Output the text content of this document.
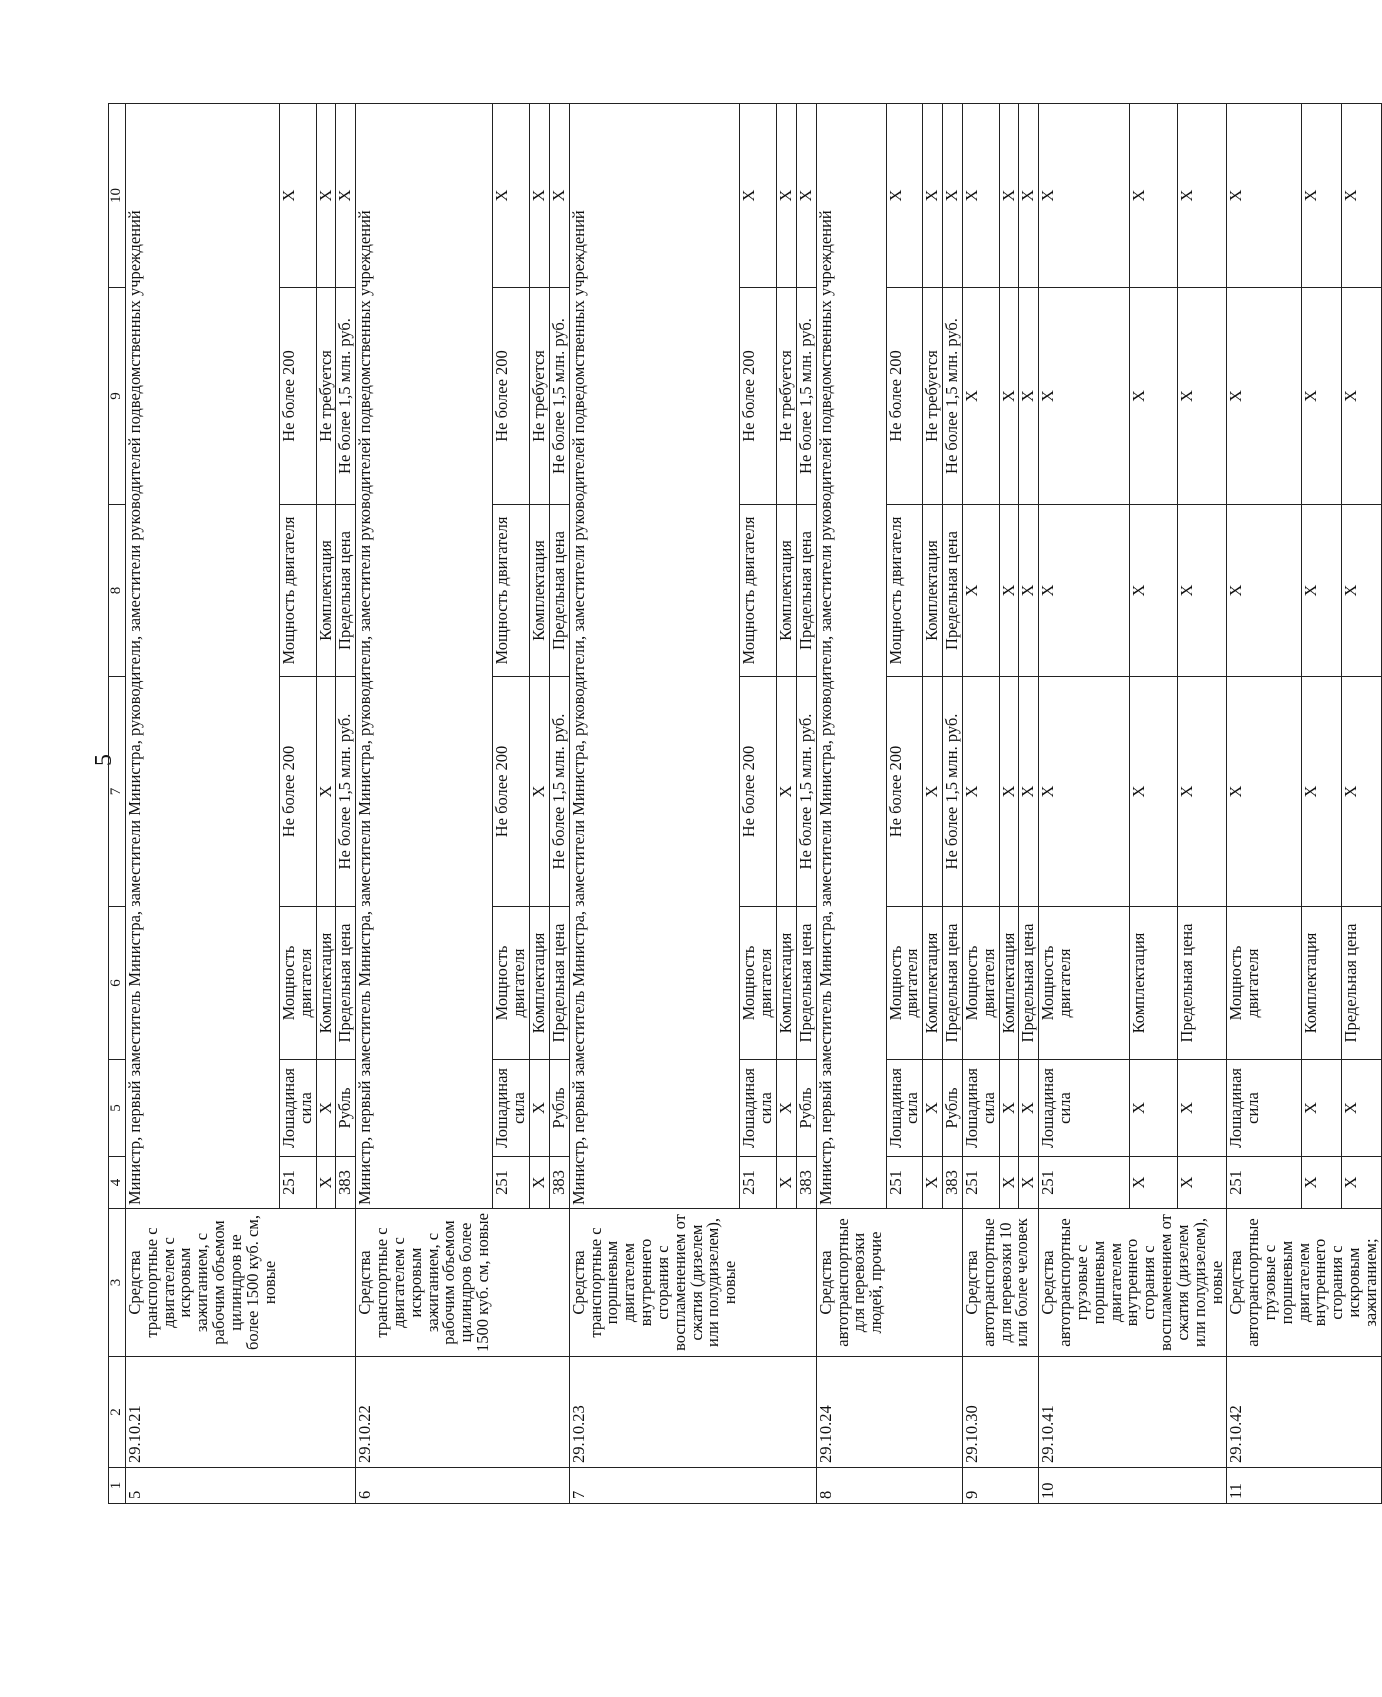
5
1	2	3	4	5	6	7	8	9	10
5	29.10.21	Средства транспортные с двигателем с искровым зажиганием, с рабочим объемом цилиндров не более 1500 куб. см, новые	Министр, первый заместитель Министра, заместители Министра, руководители, заместители руководителей подведомственных учреждений						
			251	Лошадиная сила	Мощность двигателя	Не более 200	Мощность двигателя	Не более 200	Х
			Х	Х	Комплектация	Х	Комплектация	Не требуется	Х
			383	Рубль	Предельная цена	Не более 1,5 млн. руб.	Предельная цена	Не более 1,5 млн. руб.	Х
6	29.10.22	Средства транспортные с двигателем с искровым зажиганием, с рабочим объемом цилиндров более 1500 куб. см, новые	Министр, первый заместитель Министра, заместители Министра, руководители, заместители руководителей подведомственных учреждений						
			251	Лошадиная сила	Мощность двигателя	Не более 200	Мощность двигателя	Не более 200	Х
			Х	Х	Комплектация	Х	Комплектация	Не требуется	Х
			383	Рубль	Предельная цена	Не более 1,5 млн. руб.	Предельная цена	Не более 1,5 млн. руб.	Х
7	29.10.23	Средства транспортные с поршневым двигателем внутреннего сгорания с воспламенением от сжатия (дизелем или полудизелем), новые	Министр, первый заместитель Министра, заместители Министра, руководители, заместители руководителей подведомственных учреждений						
			251	Лошадиная сила	Мощность двигателя	Не более 200	Мощность двигателя	Не более 200	Х
			Х	Х	Комплектация	Х	Комплектация	Не требуется	Х
			383	Рубль	Предельная цена	Не более 1,5 млн. руб.	Предельная цена	Не более 1,5 млн. руб.	Х
8	29.10.24	Средства автотранспортные для перевозки людей, прочие	Министр, первый заместитель Министра, заместители Министра, руководители, заместители руководителей подведомственных учреждений						
			251	Лошадиная сила	Мощность двигателя	Не более 200	Мощность двигателя	Не более 200	Х
			Х	Х	Комплектация	Х	Комплектация	Не требуется	Х
			383	Рубль	Предельная цена	Не более 1,5 млн. руб.	Предельная цена	Не более 1,5 млн. руб.	Х
9	29.10.30	Средства автотранспортные для перевозки 10 или более человек	251	Лошадиная сила	Мощность двигателя	Х	Х	Х	Х
			Х	Х	Комплектация	Х	Х	Х	Х
			Х	Х	Предельная цена	Х	Х	Х	Х
10	29.10.41	Средства автотранспортные грузовые с поршневым двигателем внутреннего сгорания с воспламенением от сжатия (дизелем или полудизелем), новые	251	Лошадиная сила	Мощность двигателя	Х	Х	Х	Х
			Х	Х	Комплектация	Х	Х	Х	Х
			Х	Х	Предельная цена	Х	Х	Х	Х
11	29.10.42	Средства автотранспортные грузовые с поршневым двигателем внутреннего сгорания с искровым зажиганием;	251	Лошадиная сила	Мощность двигателя	Х	Х	Х	Х
			Х	Х	Комплектация	Х	Х	Х	Х
			Х	Х	Предельная цена	Х	Х	Х	Х
